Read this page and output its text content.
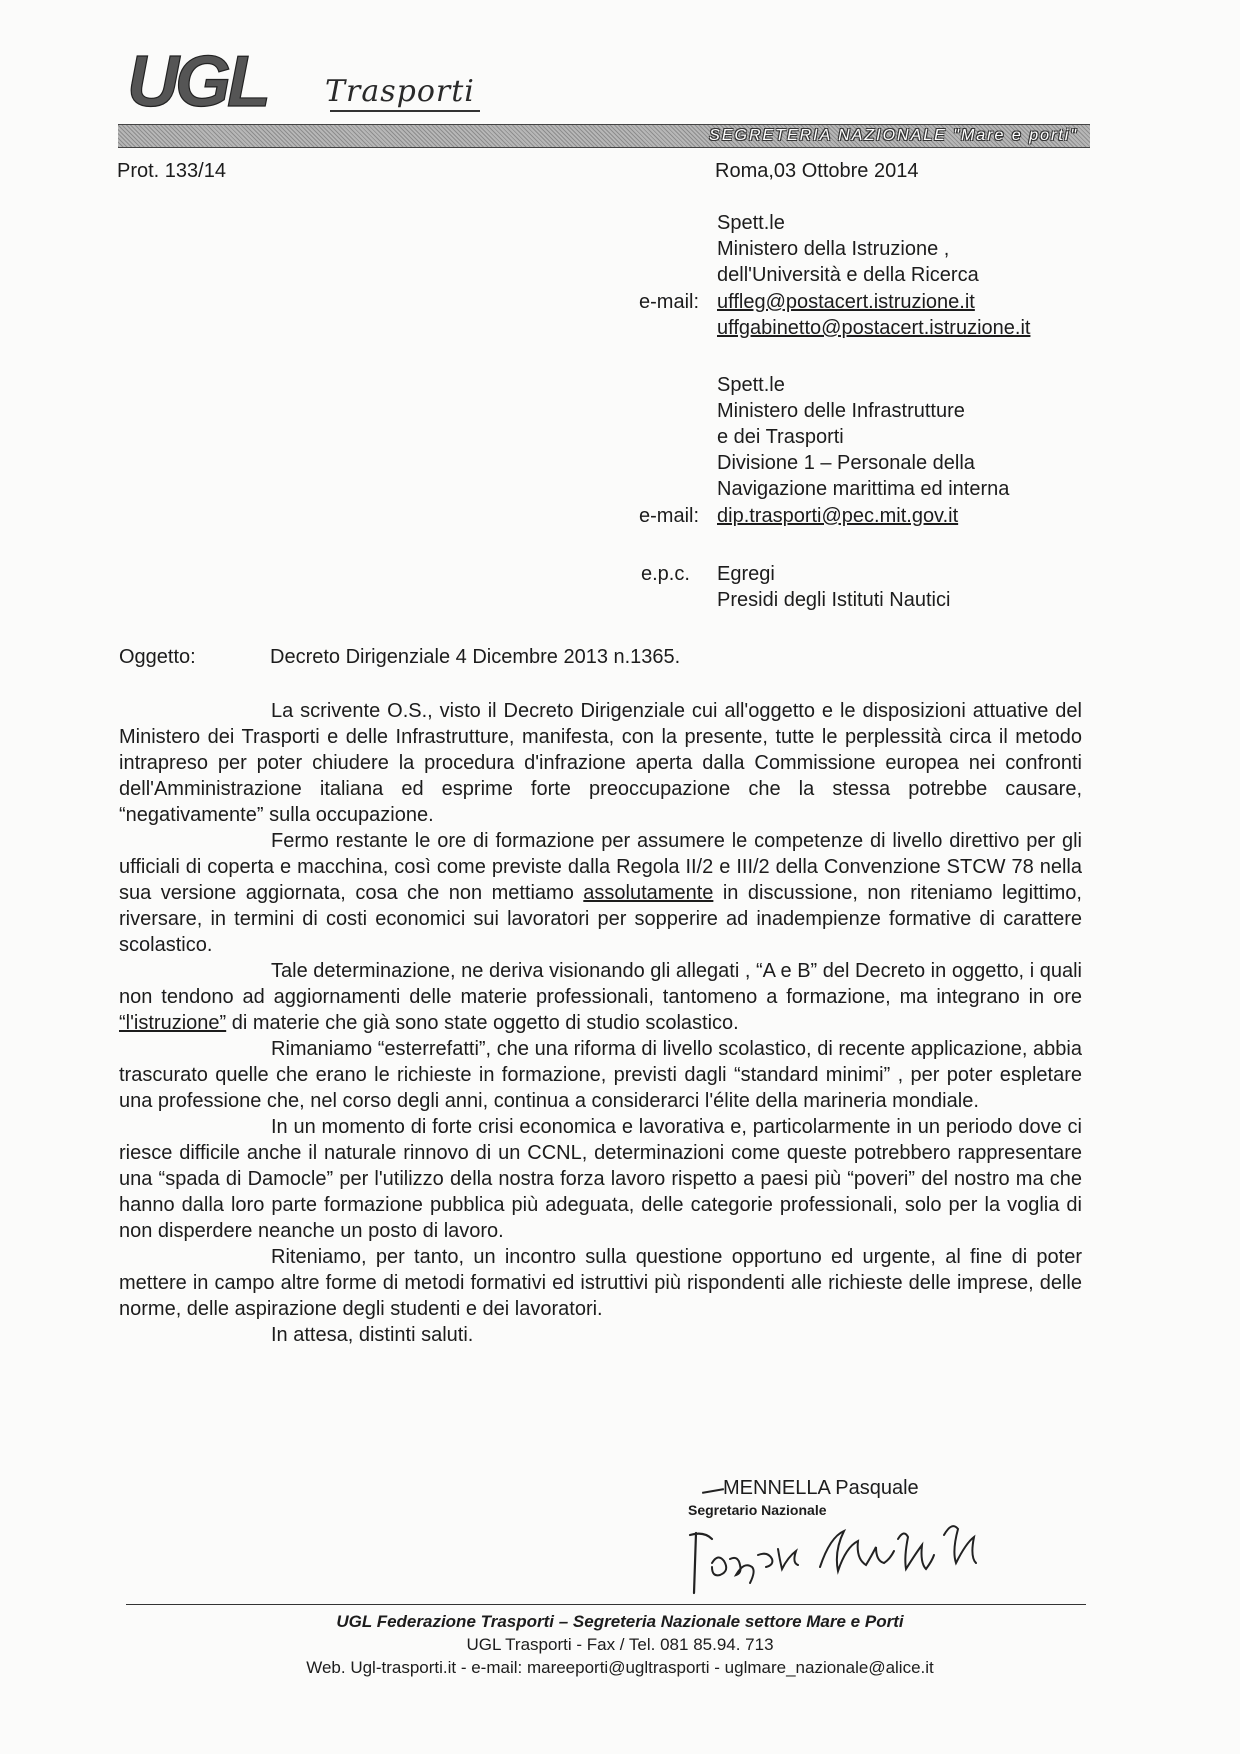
UGL Trasporti
SEGRETERIA NAZIONALE "Mare e porti"
Prot. 133/14	Roma,03 Ottobre 2014
Spett.le
Ministero della Istruzione ,
dell'Università e della Ricerca
e-mail: uffleg@postacert.istruzione.it
uffgabinetto@postacert.istruzione.it
Spett.le
Ministero delle Infrastrutture
e dei Trasporti
Divisione 1 – Personale della
Navigazione marittima ed interna
e-mail: dip.trasporti@pec.mit.gov.it
e.p.c. Egregi
Presidi degli Istituti Nautici
Oggetto:	Decreto Dirigenziale 4 Dicembre 2013 n.1365.

La scrivente O.S., visto il Decreto Dirigenziale cui all'oggetto e le disposizioni attuative del Ministero dei Trasporti e delle Infrastrutture, manifesta, con la presente, tutte le perplessità circa il metodo intrapreso per poter chiudere la procedura d'infrazione aperta dalla Commissione europea nei confronti dell'Amministrazione italiana ed esprime forte preoccupazione che la stessa potrebbe causare, “negativamente” sulla occupazione.

Fermo restante le ore di formazione per assumere le competenze di livello direttivo per gli ufficiali di coperta e macchina, così come previste dalla Regola II/2 e III/2 della Convenzione STCW 78 nella sua versione aggiornata, cosa che non mettiamo assolutamente in discussione, non riteniamo legittimo, riversare, in termini di costi economici sui lavoratori per sopperire ad inadempienze formative di carattere scolastico.

Tale determinazione, ne deriva visionando gli allegati , “A e B” del Decreto in oggetto, i quali non tendono ad aggiornamenti delle materie professionali, tantomeno a formazione, ma integrano in ore “l'istruzione” di materie che già sono state oggetto di studio scolastico.

Rimaniamo “esterrefatti”, che una riforma di livello scolastico, di recente applicazione, abbia trascurato quelle che erano le richieste in formazione, previsti dagli “standard minimi” , per poter espletare una professione che, nel corso degli anni, continua a considerarci l'élite della marineria mondiale.

In un momento di forte crisi economica e lavorativa e, particolarmente in un periodo dove ci riesce difficile anche il naturale rinnovo di un CCNL, determinazioni come queste potrebbero rappresentare una “spada di Damocle” per l'utilizzo della nostra forza lavoro rispetto a paesi più “poveri” del nostro ma che hanno dalla loro parte formazione pubblica più adeguata, delle categorie professionali, solo per la voglia di non disperdere neanche un posto di lavoro.

Riteniamo, per tanto, un incontro sulla questione opportuno ed urgente, al fine di poter mettere in campo altre forme di metodi formativi ed istruttivi più rispondenti alle richieste delle imprese, delle norme, delle aspirazione degli studenti e dei lavoratori.

In attesa, distinti saluti.

MENNELLA Pasquale
Segretario Nazionale
UGL Federazione Trasporti – Segreteria Nazionale settore Mare e Porti
UGL Trasporti - Fax / Tel. 081 85.94. 713
Web. Ugl-trasporti.it - e-mail: mareeporti@ugltrasporti - uglmare_nazionale@alice.it
